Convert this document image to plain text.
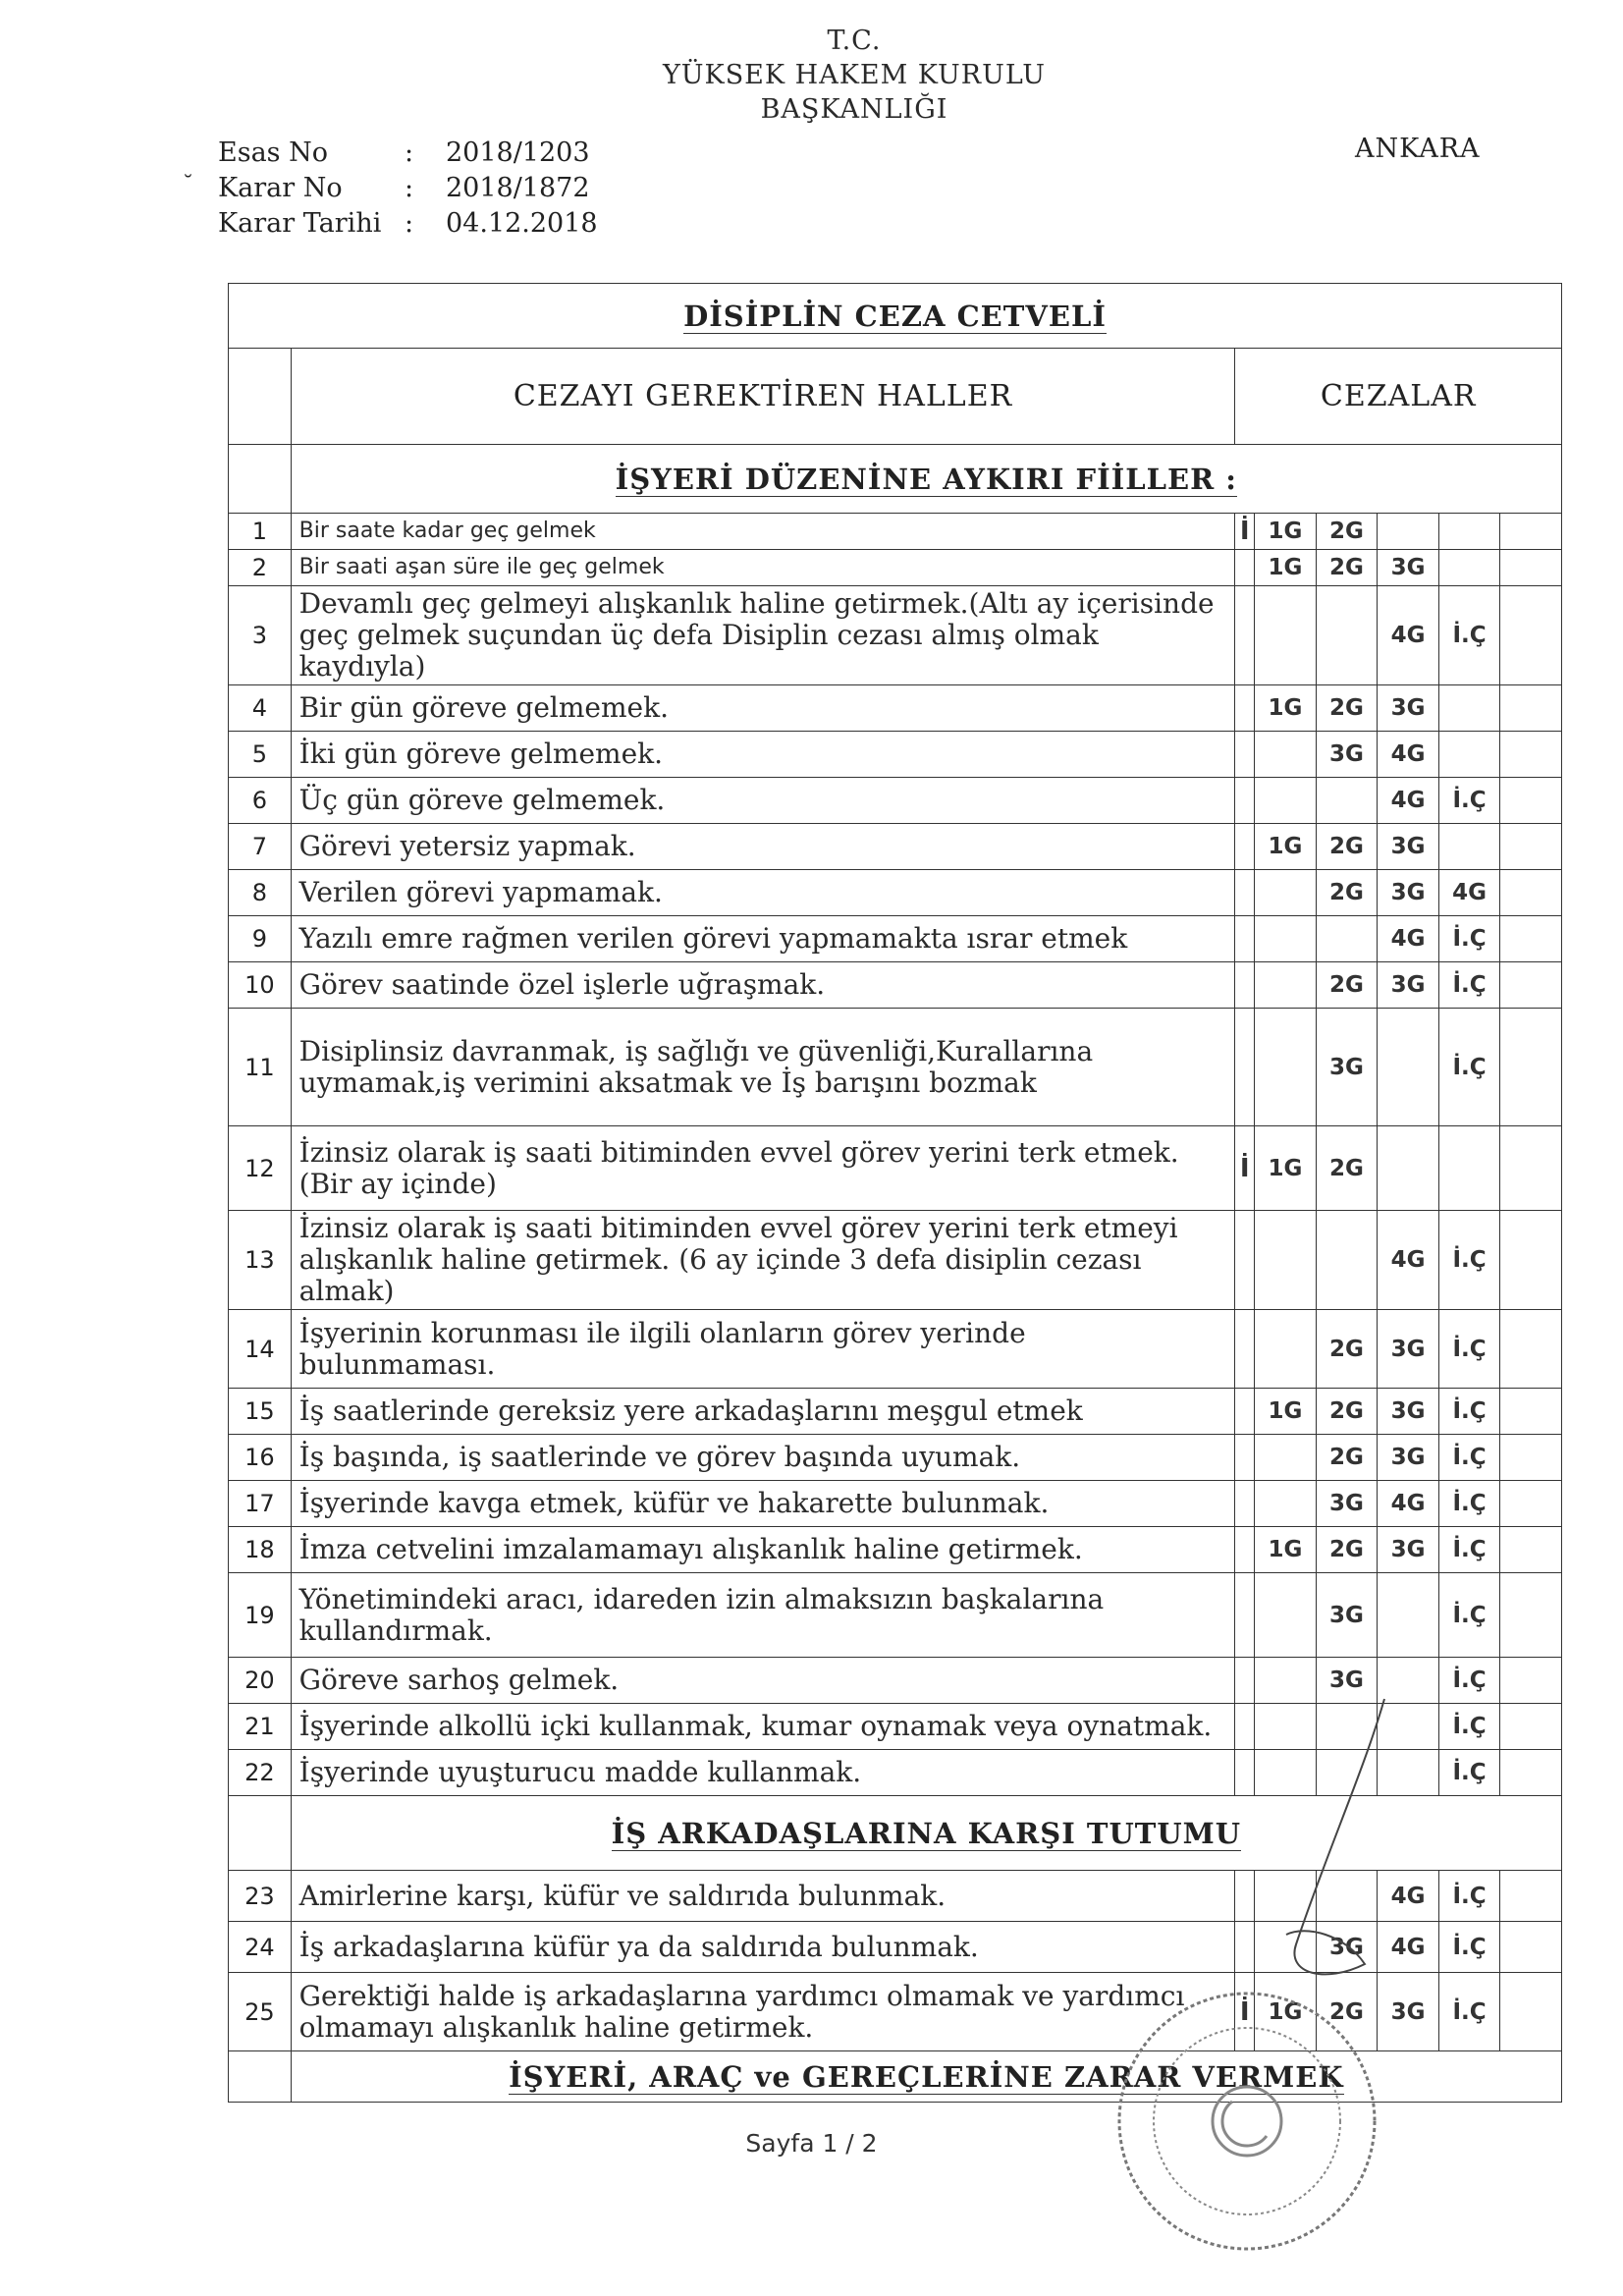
T.C.
YÜKSEK HAKEM KURULU
BAŞKANLIĞI
˘
Esas No	:	2018/1203
Karar No	:	2018/1872
Karar Tarihi :	04.12.2018
ANKARA
DİSİPLİN CEZA CETVELİ							
	CEZAYI GEREKTİREN HALLER	CEZALAR					
	İŞYERİ DÜZENİNE AYKIRI FİİLLER :						
1	Bir saate kadar geç gelmek	İ	1G	2G			
2	Bir saati aşan süre ile geç gelmek		1G	2G	3G		
3	Devamlı geç gelmeyi alışkanlık haline getirmek.(Altı ay içerisinde geç gelmek suçundan üç defa Disiplin cezası almış olmak kaydıyla)				4G	İ.Ç	
4	Bir gün göreve gelmemek.		1G	2G	3G		
5	İki gün göreve gelmemek.			3G	4G		
6	Üç gün göreve gelmemek.				4G	İ.Ç	
7	Görevi yetersiz yapmak.		1G	2G	3G		
8	Verilen görevi yapmamak.			2G	3G	4G	
9	Yazılı emre rağmen verilen görevi yapmamakta ısrar etmek				4G	İ.Ç	
10	Görev saatinde özel işlerle uğraşmak.			2G	3G	İ.Ç	
11	Disiplinsiz davranmak, iş sağlığı ve güvenliği,Kurallarına uymamak,iş verimini aksatmak ve İş barışını bozmak			3G		İ.Ç	
12	İzinsiz olarak iş saati bitiminden evvel görev yerini terk etmek. (Bir ay içinde)	İ	1G	2G			
13	İzinsiz olarak iş saati bitiminden evvel görev yerini terk etmeyi alışkanlık haline getirmek. (6 ay içinde 3 defa disiplin cezası almak)				4G	İ.Ç	
14	İşyerinin korunması ile ilgili olanların görev yerinde bulunmaması.			2G	3G	İ.Ç	
15	İş saatlerinde gereksiz yere arkadaşlarını meşgul etmek		1G	2G	3G	İ.Ç	
16	İş başında, iş saatlerinde ve görev başında uyumak.			2G	3G	İ.Ç	
17	İşyerinde kavga etmek, küfür ve hakarette bulunmak.			3G	4G	İ.Ç	
18	İmza cetvelini imzalamamayı alışkanlık haline getirmek.		1G	2G	3G	İ.Ç	
19	Yönetimindeki aracı, idareden izin almaksızın başkalarına kullandırmak.			3G		İ.Ç	
20	Göreve sarhoş gelmek.			3G		İ.Ç	
21	İşyerinde alkollü içki kullanmak, kumar oynamak veya oynatmak.					İ.Ç	
22	İşyerinde uyuşturucu madde kullanmak.					İ.Ç	
	İŞ ARKADAŞLARINA KARŞI TUTUMU						
23	Amirlerine karşı, küfür ve saldırıda bulunmak.				4G	İ.Ç	
24	İş arkadaşlarına küfür ya da saldırıda bulunmak.			3G	4G	İ.Ç	
25	Gerektiği halde iş arkadaşlarına yardımcı olmamak ve yardımcı olmamayı alışkanlık haline getirmek.	İ	1G	2G	3G	İ.Ç	
	İŞYERİ, ARAÇ ve GEREÇLERİNE ZARAR VERMEK						
Sayfa 1 / 2
